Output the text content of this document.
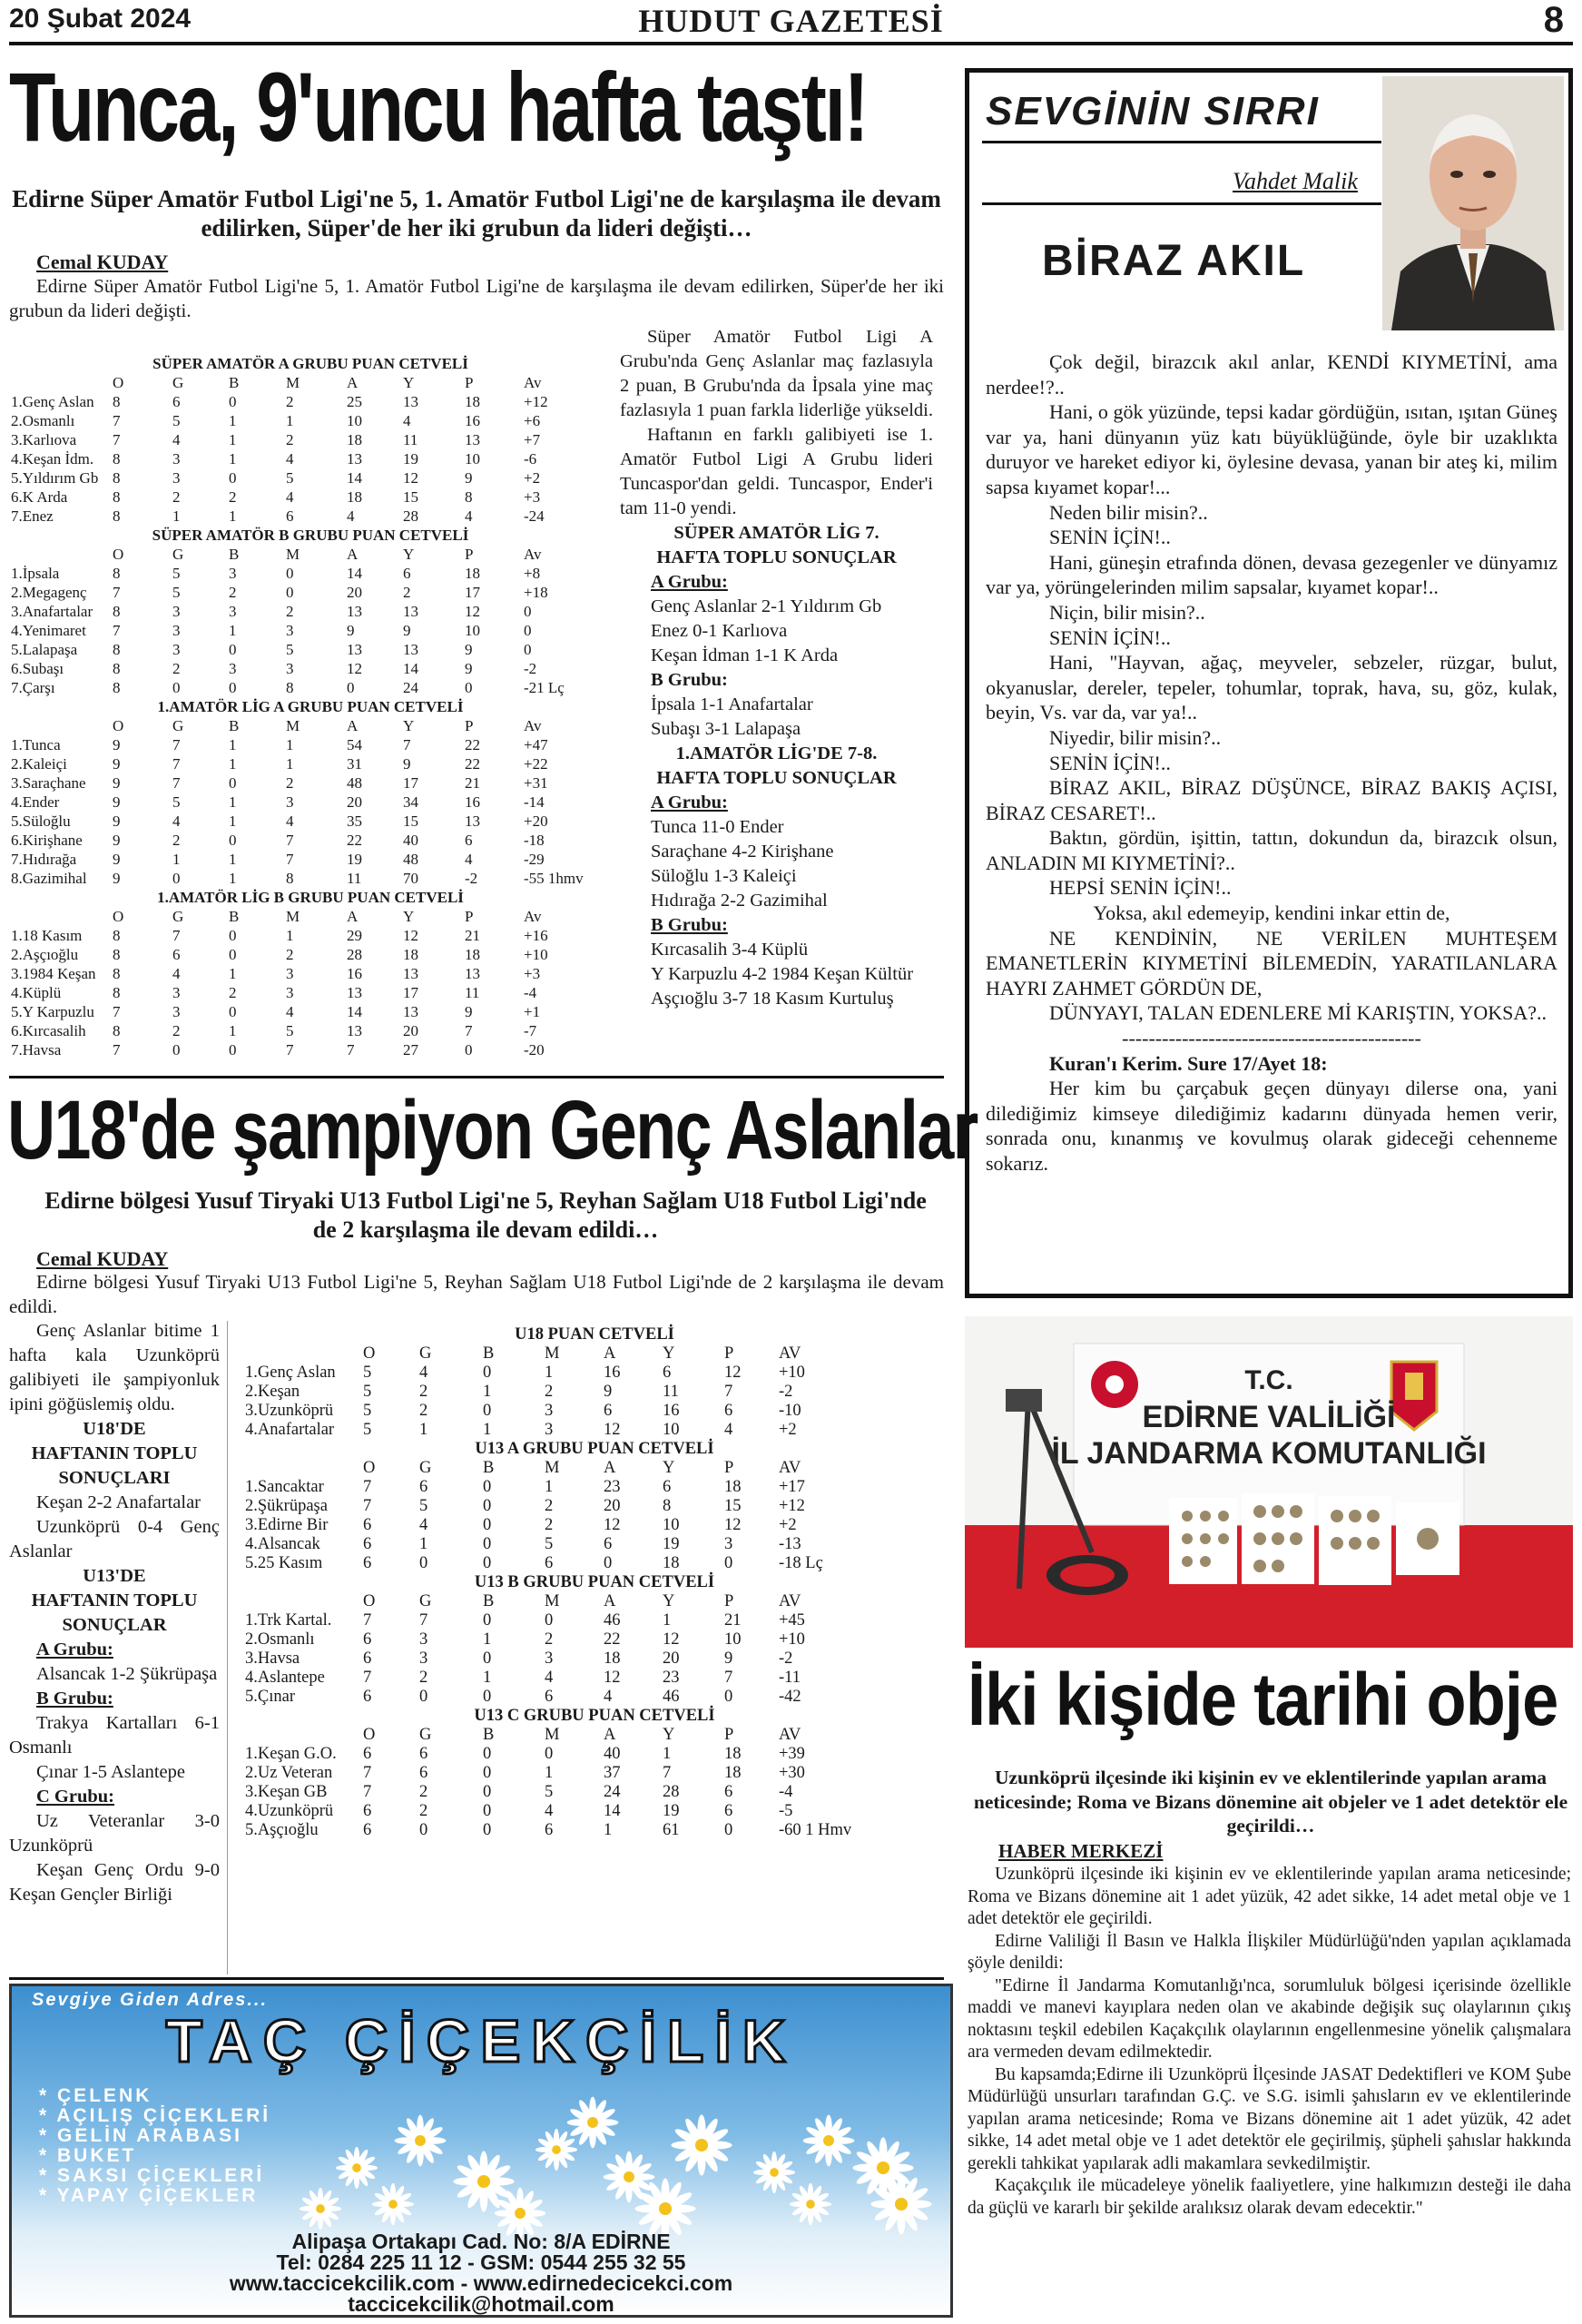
20 Şubat 2024	HUDUT GAZETESİ	8
Tunca, 9'uncu hafta taştı!
Edirne Süper Amatör Futbol Ligi'ne 5, 1. Amatör Futbol Ligi'ne de karşılaşma ile devam edilirken, Süper'de her iki grubun da lideri değişti…
Cemal KUDAY

Edirne Süper Amatör Futbol Ligi'ne 5, 1. Amatör Futbol Ligi'ne de karşılaşma ile devam edilirken, Süper'de her iki grubun da lideri değişti.

SÜPER AMATÖR A GRUBU PUAN CETVELİ
O	G	B	M	A	Y	P	Av
1.Genç Aslan 8	6	0	2	25	13	18	+12
2.Osmanlı 7	5	1	1	10	4	16	+6
3.Karlıova 7	4	1	2	18	11	13	+7
4.Keşan İdm. 8	3	1	4	13	19	10	-6
5.Yıldırım Gb 8	3	0	5	14	12	9	+2
6.K Arda	8	2	2	4	18	15	8	+3
7.Enez	8	1	1	6	4	28	4	-24
SÜPER AMATÖR B GRUBU PUAN CETVELİ
O	G	B	M	A	Y	P	Av
1.İpsala	8	5	3	0	14	6	18	+8
2.Megagenç 7	5	2	0	20	2	17	+18
3.Anafartalar 8	3	3	2	13	13	12	0
4.Yenimaret 7	3	1	3	9	9	10	0
5.Lalapaşa 8	3	0	5	13	13	9	0
6.Subaşı	8	2	3	3	12	14	9	-2
7.Çarşı	8	0	0	8	0	24	0	-21 Lç
1.AMATÖR LİG A GRUBU PUAN CETVELİ
O	G	B	M	A	Y	P	Av
1.Tunca	9	7	1	1	54	7	22	+47
2.Kaleiçi	9	7	1	1	31	9	22	+22
3.Saraçhane 9	7	0	2	48	17	21	+31
4.Ender	9	5	1	3	20	34	16	-14
5.Süloğlu	9	4	1	4	35	15	13	+20
6.Kirişhane 9	2	0	7	22	40	6	-18
7.Hıdırağa 9	1	1	7	19	48	4	-29
8.Gazimihal 9	0	1	8	11	70	-2	-55 1hmv
1.AMATÖR LİG B GRUBU PUAN CETVELİ
O	G	B	M	A	Y	P	Av
1.18 Kasım 8	7	0	1	29	12	21	+16
2.Aşçıoğlu 8	6	0	2	28	18	18	+10
3.1984 Keşan 8	4	1	3	16	13	13	+3
4.Küplü	8	3	2	3	13	17	11	-4
5.Y Karpuzlu 7	3	0	4	14	13	9	+1
6.Kırcasalih 8	2	1	5	13	20	7	-7
7.Havsa	7	0	0	7	7	27	0	-20

Süper Amatör Futbol Ligi A Grubu'nda Genç Aslanlar maç fazlasıyla 2 puan, B Grubu'nda da İpsala yine maç fazlasıyla 1 puan farkla liderliğe yükseldi.

Haftanın en farklı galibiyeti ise 1. Amatör Futbol Ligi A Grubu lideri Tuncaspor'dan geldi. Tuncaspor, Ender'i tam 11-0 yendi.

SÜPER AMATÖR LİG 7.
HAFTA TOPLU SONUÇLAR
A Grubu:
Genç Aslanlar 2-1 Yıldırım Gb
Enez 0-1 Karlıova
Keşan İdman 1-1 K Arda
B Grubu:
İpsala 1-1 Anafartalar
Subaşı 3-1 Lalapaşa
1.AMATÖR LİG'DE 7-8.
HAFTA TOPLU SONUÇLAR
A Grubu:
Tunca 11-0 Ender
Saraçhane 4-2 Kirişhane
Süloğlu 1-3 Kaleiçi
Hıdırağa 2-2 Gazimihal
B Grubu:
Kırcasalih 3-4 Küplü
Y Karpuzlu 4-2 1984 Keşan Kültür
Aşçıoğlu 3-7 18 Kasım Kurtuluş
U18'de şampiyon Genç Aslanlar
Edirne bölgesi Yusuf Tiryaki U13 Futbol Ligi'ne 5, Reyhan Sağlam U18 Futbol Ligi'nde de 2 karşılaşma ile devam edildi…
Cemal KUDAY

Edirne bölgesi Yusuf Tiryaki U13 Futbol Ligi'ne 5, Reyhan Sağlam U18 Futbol Ligi'nde de 2 karşılaşma ile devam edildi.

Genç Aslanlar bitime 1 hafta kala Uzunköprü galibiyeti ile şampiyonluk ipini göğüslemiş oldu.

U18'DE
HAFTANIN TOPLU
SONUÇLARI

Keşan 2-2 Anafartalar

Uzunköprü 0-4 Genç Aslanlar

U13'DE
HAFTANIN TOPLU
SONUÇLAR
A Grubu:

Alsancak 1-2 Şükrüpaşa

B Grubu:

Trakya Kartalları 6-1 Osmanlı

Çınar 1-5 Aslantepe

C Grubu:

Uz Veteranlar 3-0 Uzunköprü

Keşan Genç Ordu 9-0 Keşan Gençler Birliği

U18 PUAN CETVELİ
O	G	B	M	A	Y	P	AV
1.Genç Aslan 5	4	0	1	16	6	12 +10
2.Keşan	5	2	1	2	9	11	7	-2
3.Uzunköprü 5	2	0	3	6	16	6	-10
4.Anafartalar 5	1	1	3	12	10	4	+2
U13 A GRUBU PUAN CETVELİ
O	G	B	M	A	Y	P	AV
1.Sancaktar 7	6	0	1	23	6	18 +17
2.Şükrüpaşa 7	5	0	2	20	8	15 +12
3.Edirne Bir 6	4	0	2	12	10	12 +2
4.Alsancak	6	1	0	5	6	19	3	-13
5.25 Kasım 6	0	0	6	0	18	0	-18 Lç
U13 B GRUBU PUAN CETVELİ
O	G	B	M	A	Y	P	AV
1.Trk Kartal. 7	7	0	0	46	1	21 +45
2.Osmanlı	6	3	1	2	22	12	10 +10
3.Havsa	6	3	0	3	18	20	9	-2
4.Aslantepe 7	2	1	4	12	23	7	-11
5.Çınar	6	0	0	6	4	46	0	-42
U13 C GRUBU PUAN CETVELİ
O	G	B	M	A	Y	P	AV
1.Keşan G.O. 6	6	0	0	40	1	18 +39
2.Uz Veteran 7	6	0	1	37	7	18 +30
3.Keşan GB 7	2	0	5	24	28	6	-4
4.Uzunköprü 6	2	0	4	14	19	6	-5
5.Aşçıoğlu	6	0	0	6	1	61	0	-60 1 Hmv
SEVGİNİN SIRRI
Vahdet Malik
BİRAZ AKIL

Çok değil, birazcık akıl anlar, KENDİ KIYMETİNİ, ama nerdee!?..

Hani, o gök yüzünde, tepsi kadar gördüğün, ısıtan, ışıtan Güneş var ya, hani dünyanın yüz katı büyüklüğünde, öyle bir uzaklıkta duruyor ve hareket ediyor ki, öylesine devasa, yanan bir ateş ki, milim sapsa kıyamet kopar!...

Neden bilir misin?..

SENİN İÇİN!..

Hani, güneşin etrafında dönen, devasa gezegenler ve dünyamız var ya, yörüngelerinden milim sapsalar, kıyamet kopar!..

Niçin, bilir misin?..

SENİN İÇİN!..

Hani, "Hayvan, ağaç, meyveler, sebzeler, rüzgar, bulut, okyanuslar, dereler, tepeler, tohumlar, toprak, hava, su, göz, kulak, beyin, Vs. var da, var ya!..

Niyedir, bilir misin?..

SENİN İÇİN!..

BİRAZ AKIL, BİRAZ DÜŞÜNCE, BİRAZ BAKIŞ AÇISI, BİRAZ CESARET!..

Baktın, gördün, işittin, tattın, dokundun da, birazcık olsun, ANLADIN MI KIYMETİNİ?..

HEPSİ SENİN İÇİN!..

Yoksa, akıl edemeyip, kendini inkar ettin de,

NE KENDİNİN, NE VERİLEN MUHTEŞEM EMANETLERİN KIYMETİNİ BİLEMEDİN, YARATILANLARA HAYRI ZAHMET GÖRDÜN DE,

DÜNYAYI, TALAN EDENLERE Mİ KARIŞTIN, YOKSA?..

---------------------------------------------

Kuran'ı Kerim. Sure 17/Ayet 18:

Her kim bu çarçabuk geçen dünyayı dilerse ona, yani dilediğimiz kimseye dilediğimiz kadarını dünyada hemen verir, sonrada onu, kınanmış ve kovulmuş olarak gideceği cehenneme sokarız.

T.C.
EDİRNE VALİLİĞİ
İL JANDARMA KOMUTANLIĞI
İki kişide tarihi obje
Uzunköprü ilçesinde iki kişinin ev ve eklentilerinde yapılan arama neticesinde; Roma ve Bizans dönemine ait objeler ve 1 adet detektör ele geçirildi…
HABER MERKEZİ

Uzunköprü ilçesinde iki kişinin ev ve eklentilerinde yapılan arama neticesinde; Roma ve Bizans dönemine ait 1 adet yüzük, 42 adet sikke, 14 adet metal obje ve 1 adet detektör ele geçirildi.

Edirne Valiliği İl Basın ve Halkla İlişkiler Müdürlüğü'nden yapılan açıklamada şöyle denildi:

"Edirne İl Jandarma Komutanlığı'nca, sorumluluk bölgesi içerisinde özellikle maddi ve manevi kayıplara neden olan ve akabinde değişik suç olaylarının çıkış noktasını teşkil edebilen Kaçakçılık olaylarının engellenmesine yönelik çalışmalara ara vermeden devam edilmektedir.

Bu kapsamda;Edirne ili Uzunköprü İlçesinde JASAT Dedektifleri ve KOM Şube Müdürlüğü unsurları tarafından G.Ç. ve S.G. isimli şahısların ev ve eklentilerinde yapılan arama neticesinde; Roma ve Bizans dönemine ait 1 adet yüzük, 42 adet sikke, 14 adet metal obje ve 1 adet detektör ele geçirilmiş, şüpheli şahıslar hakkında gerekli tahkikat yapılarak adli makamlara sevkedilmiştir.

Kaçakçılık ile mücadeleye yönelik faaliyetlere, yine halkımızın desteği ile daha da güçlü ve kararlı bir şekilde aralıksız olarak devam edecektir."

Sevgiye Giden Adres...
TAÇ ÇİÇEKÇİLİK
* ÇELENK
* AÇILIŞ ÇİÇEKLERİ
* GELİN ARABASI
* BUKET
* SAKSI ÇİÇEKLERİ
* YAPAY ÇİÇEKLER
Alipaşa Ortakapı Cad. No: 8/A EDİRNE
Tel: 0284 225 11 12 - GSM: 0544 255 32 55
www.taccicekcilik.com - www.edirnedecicekci.com
taccicekcilik@hotmail.com
